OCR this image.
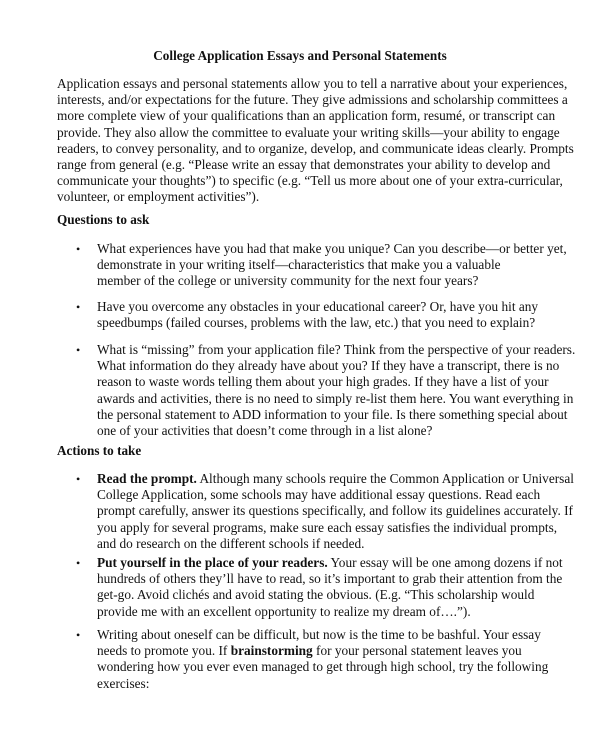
College Application Essays and Personal Statements
Application essays and personal statements allow you to tell a narrative about your experiences,
interests, and/or expectations for the future. They give admissions and scholarship committees a
more complete view of your qualifications than an application form, resumé, or transcript can
provide. They also allow the committee to evaluate your writing skills—your ability to engage
readers, to convey personality, and to organize, develop, and communicate ideas clearly. Prompts
range from general (e.g. “Please write an essay that demonstrates your ability to develop and
communicate your thoughts”) to specific (e.g. “Tell us more about one of your extra-curricular,
volunteer, or employment activities”).
Questions to ask
• What experiences have you had that make you unique? Can you describe—or better yet,
demonstrate in your writing itself—characteristics that make you a valuable
member of the college or university community for the next four years?
• Have you overcome any obstacles in your educational career? Or, have you hit any
speedbumps (failed courses, problems with the law, etc.) that you need to explain?
• What is “missing” from your application file? Think from the perspective of your readers.
What information do they already have about you? If they have a transcript, there is no
reason to waste words telling them about your high grades. If they have a list of your
awards and activities, there is no need to simply re-list them here. You want everything in
the personal statement to ADD information to your file. Is there something special about
one of your activities that doesn’t come through in a list alone?
Actions to take
• Read the prompt. Although many schools require the Common Application or Universal
College Application, some schools may have additional essay questions. Read each
prompt carefully, answer its questions specifically, and follow its guidelines accurately. If
you apply for several programs, make sure each essay satisfies the individual prompts,
and do research on the different schools if needed.
• Put yourself in the place of your readers. Your essay will be one among dozens if not
hundreds of others they’ll have to read, so it’s important to grab their attention from the
get-go. Avoid clichés and avoid stating the obvious. (E.g. “This scholarship would
provide me with an excellent opportunity to realize my dream of….”).
• Writing about oneself can be difficult, but now is the time to be bashful. Your essay
needs to promote you. If brainstorming for your personal statement leaves you
wondering how you ever even managed to get through high school, try the following
exercises:
